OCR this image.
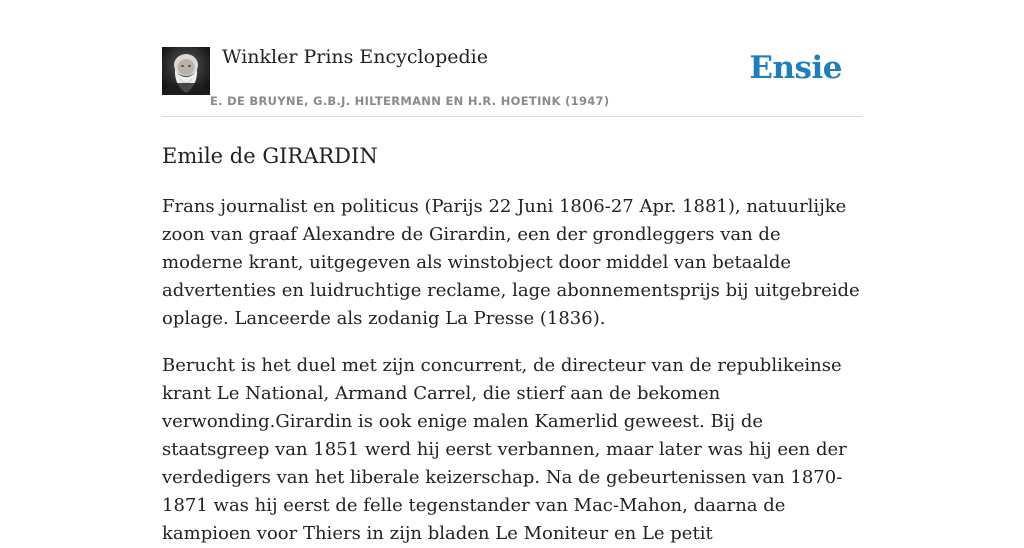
Winkler Prins Encyclopedie
E. DE BRUYNE, G.B.J. HILTERMANN EN H.R. HOETINK (1947)
Ensie
Emile de GIRARDIN

Frans journalist en politicus (Parijs 22 Juni 1806-27 Apr. 1881), natuurlijke zoon van graaf Alexandre de Girardin, een der grondleggers van de moderne krant, uitgegeven als winstobject door middel van betaalde advertenties en luidruchtige reclame, lage abonnementsprijs bij uitgebreide oplage. Lanceerde als zodanig La Presse (1836).

Berucht is het duel met zijn concurrent, de directeur van de republikeinse krant Le National, Armand Carrel, die stierf aan de bekomen verwonding.Girardin is ook enige malen Kamerlid geweest. Bij de staatsgreep van 1851 werd hij eerst verbannen, maar later was hij een der verdedigers van het liberale keizerschap. Na de gebeurtenissen van 1870-1871 was hij eerst de felle tegenstander van Mac-Mahon, daarna de kampioen voor Thiers in zijn bladen Le Moniteur en Le petit
